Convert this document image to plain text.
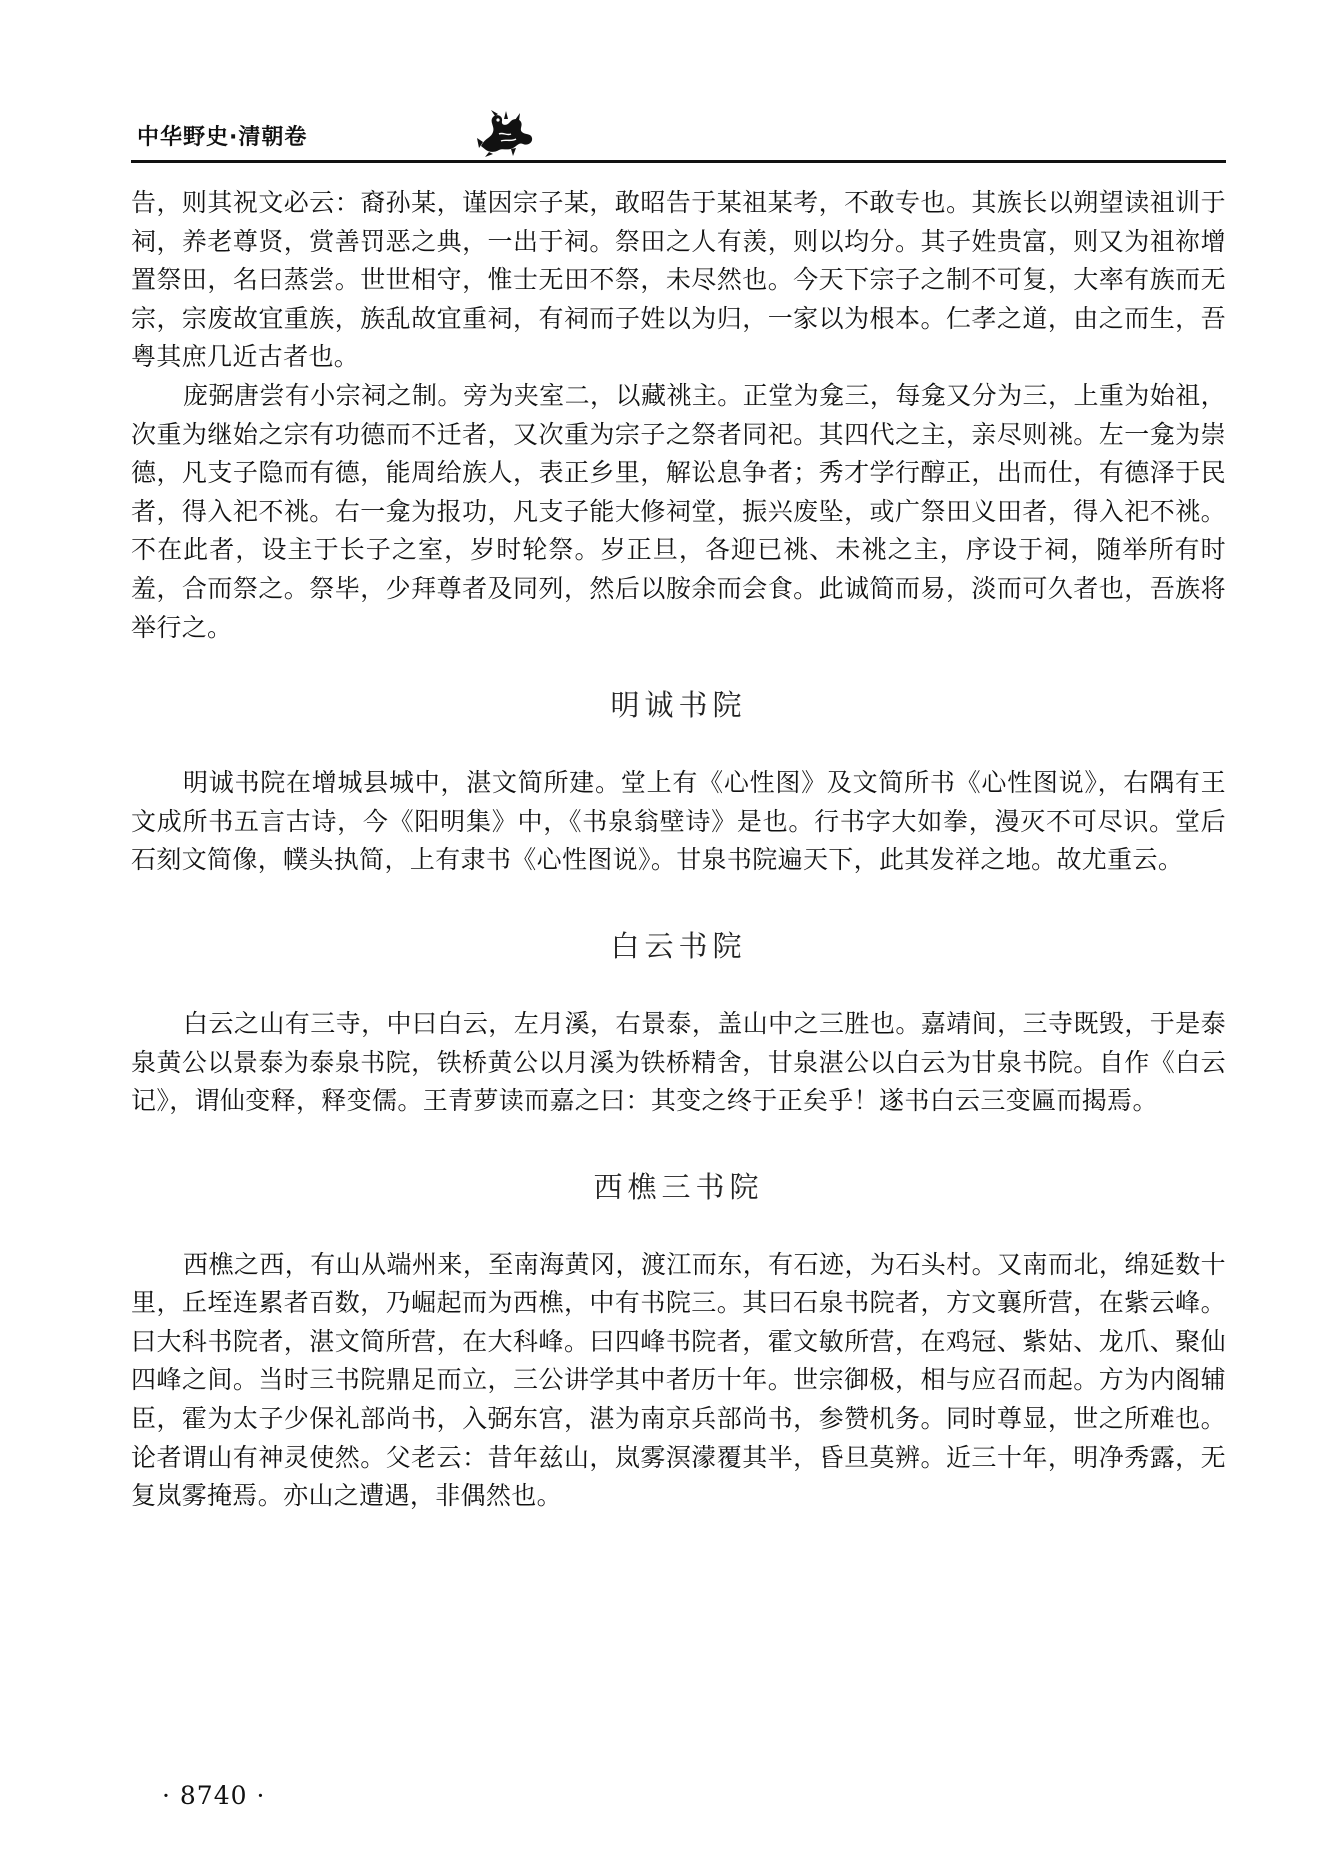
中华野史·清朝卷

告，则其祝文必云：裔孙某，谨因宗子某，敢昭告于某祖某考，不敢专也。其族长以朔望读祖训于祠，养老尊贤，赏善罚恶之典，一出于祠。祭田之人有羡，则以均分。其子姓贵富，则又为祖祢增置祭田，名曰蒸尝。世世相守，惟士无田不祭，未尽然也。今天下宗子之制不可复，大率有族而无宗，宗废故宜重族，族乱故宜重祠，有祠而子姓以为归，一家以为根本。仁孝之道，由之而生，吾粤其庶几近古者也。

庞弼唐尝有小宗祠之制。旁为夹室二，以藏祧主。正堂为龛三，每龛又分为三，上重为始祖，次重为继始之宗有功德而不迁者，又次重为宗子之祭者同祀。其四代之主，亲尽则祧。左一龛为崇德，凡支子隐而有德，能周给族人，表正乡里，解讼息争者；秀才学行醇正，出而仕，有德泽于民者，得入祀不祧。右一龛为报功，凡支子能大修祠堂，振兴废坠，或广祭田义田者，得入祀不祧。不在此者，设主于长子之室，岁时轮祭。岁正旦，各迎已祧、未祧之主，序设于祠，随举所有时羞，合而祭之。祭毕，少拜尊者及同列，然后以胺余而会食。此诚简而易，淡而可久者也，吾族将举行之。

明诚书院

明诚书院在增城县城中，湛文简所建。堂上有《心性图》及文简所书《心性图说》，右隅有王文成所书五言古诗，今《阳明集》中，《书泉翁壁诗》是也。行书字大如拳，漫灭不可尽识。堂后石刻文简像，幞头执简，上有隶书《心性图说》。甘泉书院遍天下，此其发祥之地。故尤重云。

白云书院

白云之山有三寺，中曰白云，左月溪，右景泰，盖山中之三胜也。嘉靖间，三寺既毁，于是泰泉黄公以景泰为泰泉书院，铁桥黄公以月溪为铁桥精舍，甘泉湛公以白云为甘泉书院。自作《白云记》，谓仙变释，释变儒。王青萝读而嘉之曰：其变之终于正矣乎！遂书白云三变匾而揭焉。

西樵三书院

西樵之西，有山从端州来，至南海黄冈，渡江而东，有石迹，为石头村。又南而北，绵延数十里，丘垤连累者百数，乃崛起而为西樵，中有书院三。其曰石泉书院者，方文襄所营，在紫云峰。曰大科书院者，湛文简所营，在大科峰。曰四峰书院者，霍文敏所营，在鸡冠、紫姑、龙爪、聚仙四峰之间。当时三书院鼎足而立，三公讲学其中者历十年。世宗御极，相与应召而起。方为内阁辅臣，霍为太子少保礼部尚书，入弼东宫，湛为南京兵部尚书，参赞机务。同时尊显，世之所难也。论者谓山有神灵使然。父老云：昔年兹山，岚雾溟濛覆其半，昏旦莫辨。近三十年，明净秀露，无复岚雾掩焉。亦山之遭遇，非偶然也。

· 8740 ·
